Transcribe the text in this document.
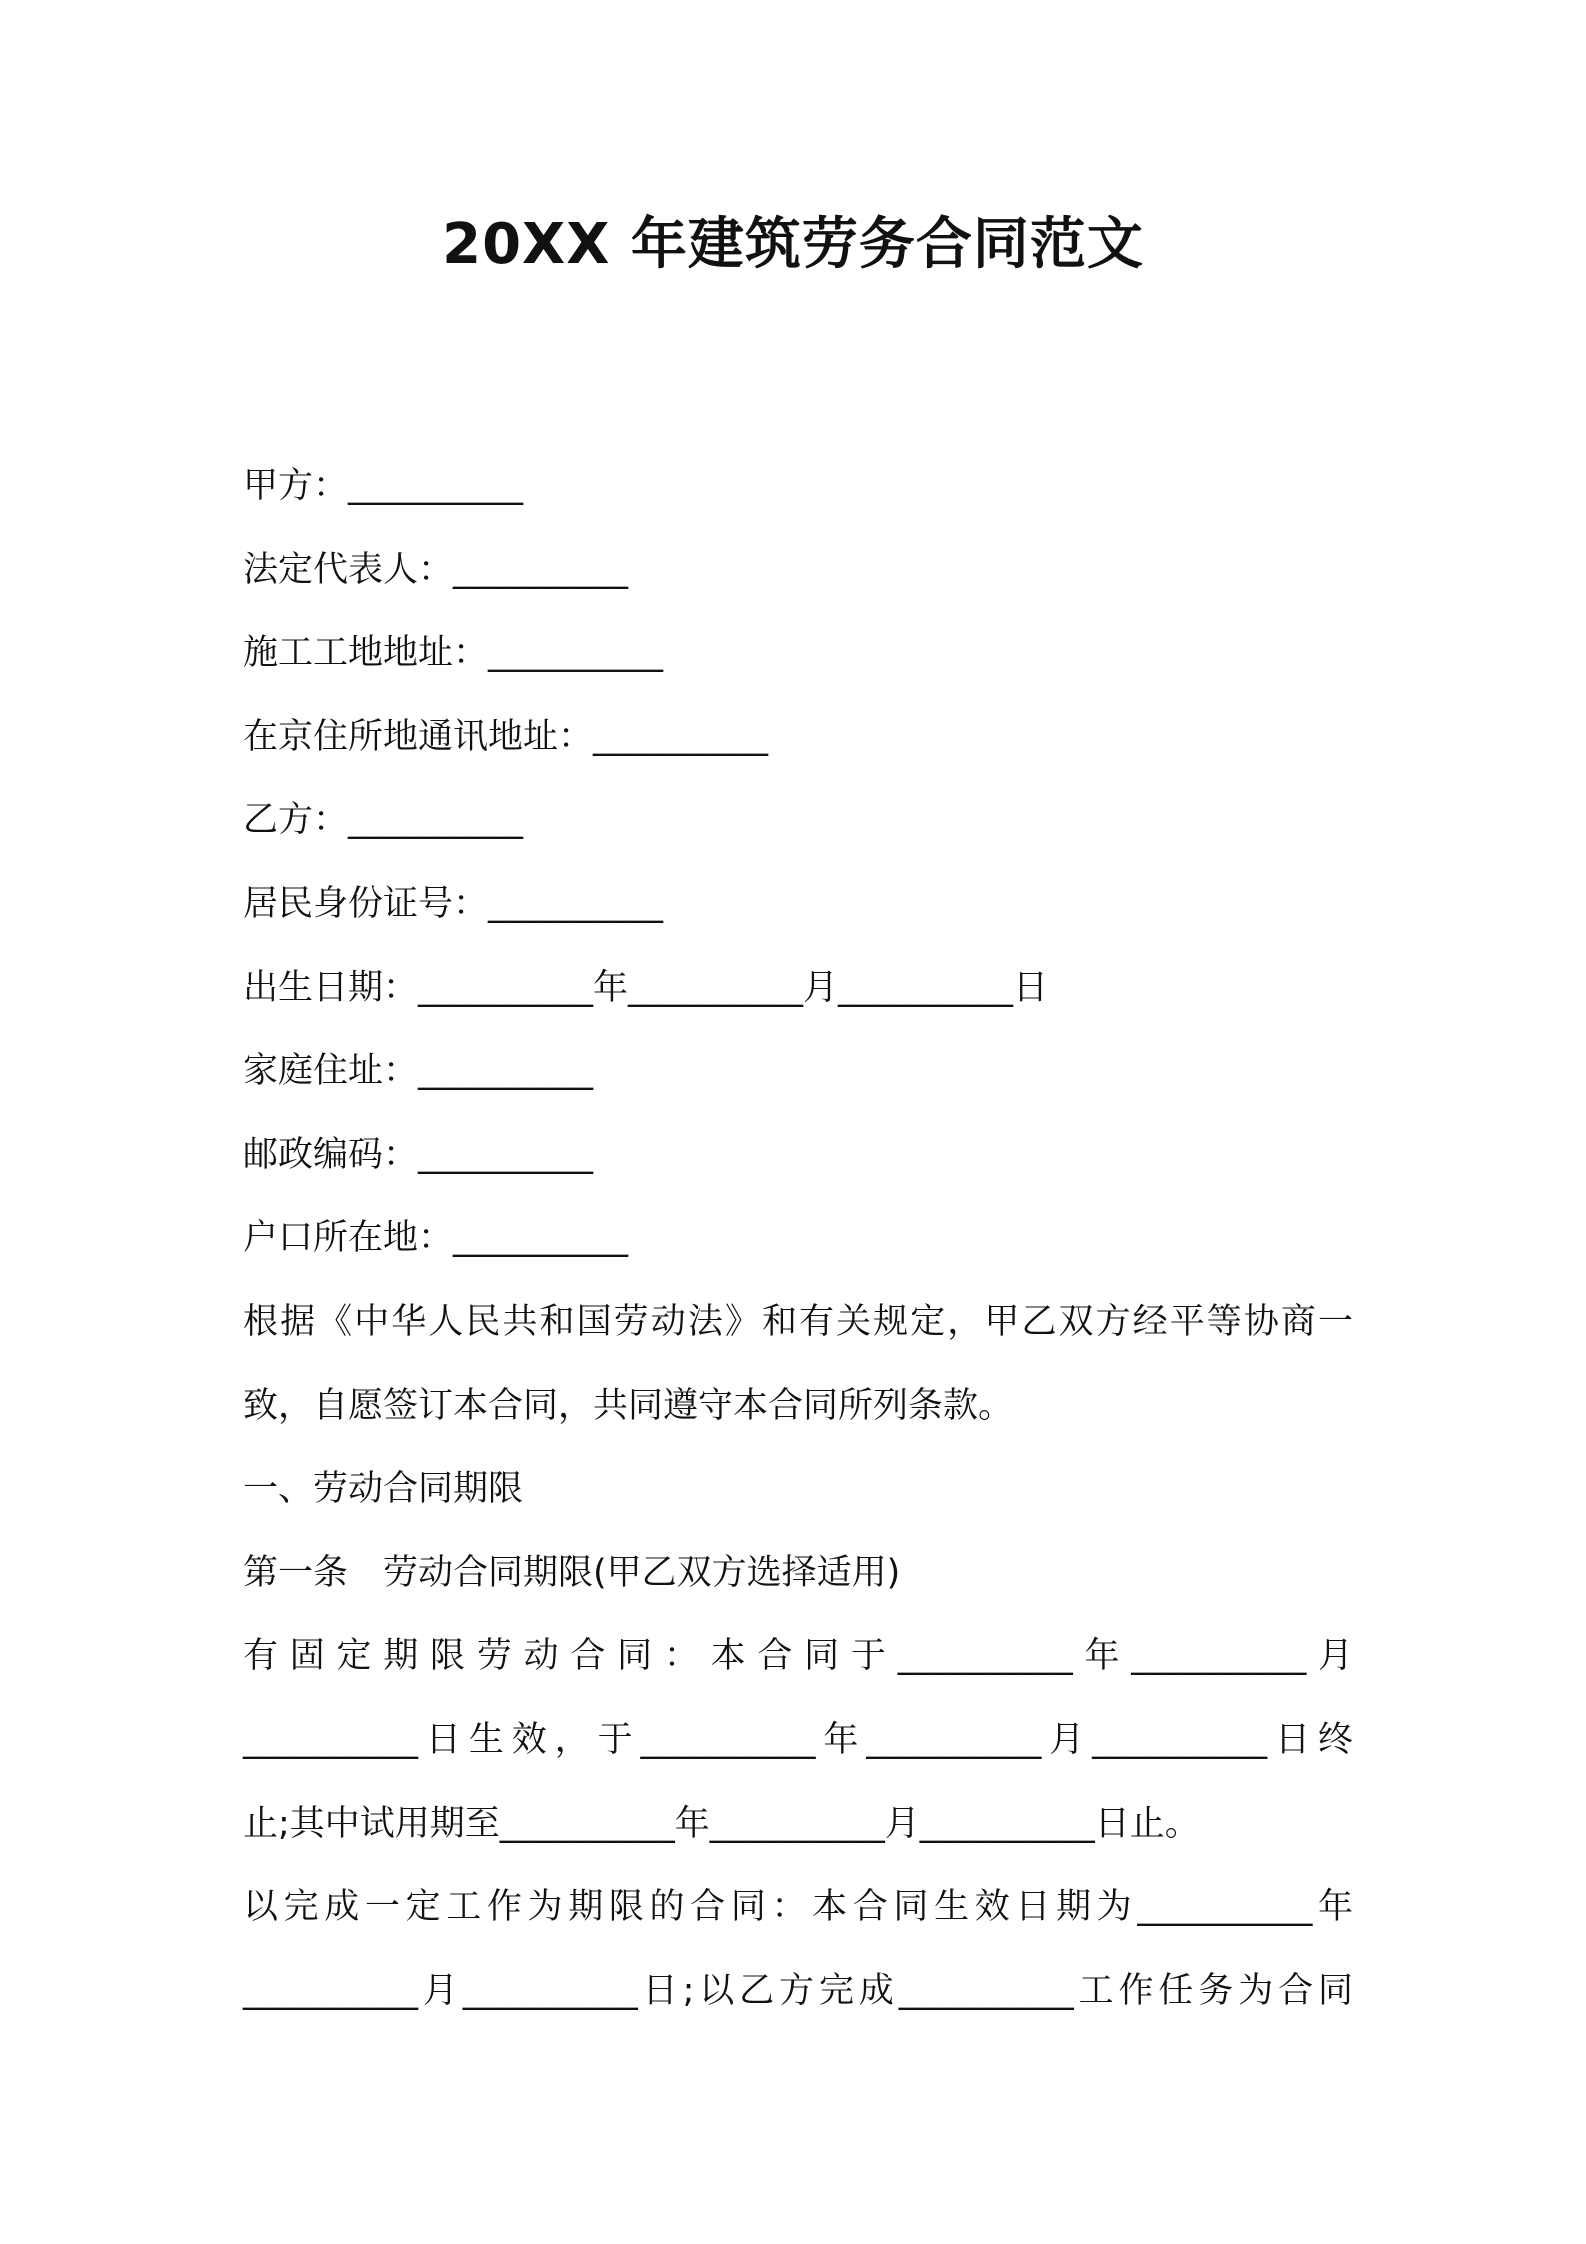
20XX 年建筑劳务合同范文
甲方：__________
法定代表人：__________
施工工地地址：__________
在京住所地通讯地址：__________
乙方：__________
居民身份证号：__________
出生日期：__________年__________月__________日
家庭住址：__________
邮政编码：__________
户口所在地：__________
根据《中华人民共和国劳动法》和有关规定，甲乙双方经平等协商一
致，自愿签订本合同，共同遵守本合同所列条款。
一、劳动合同期限
第一条　劳动合同期限(甲乙双方选择适用)
有固定期限劳动合同：本合同于__________年__________月
__________日生效，于__________年__________月__________日终
止;其中试用期至__________年__________月__________日止。
以完成一定工作为期限的合同：本合同生效日期为__________年
__________月__________日;以乙方完成__________工作任务为合同
